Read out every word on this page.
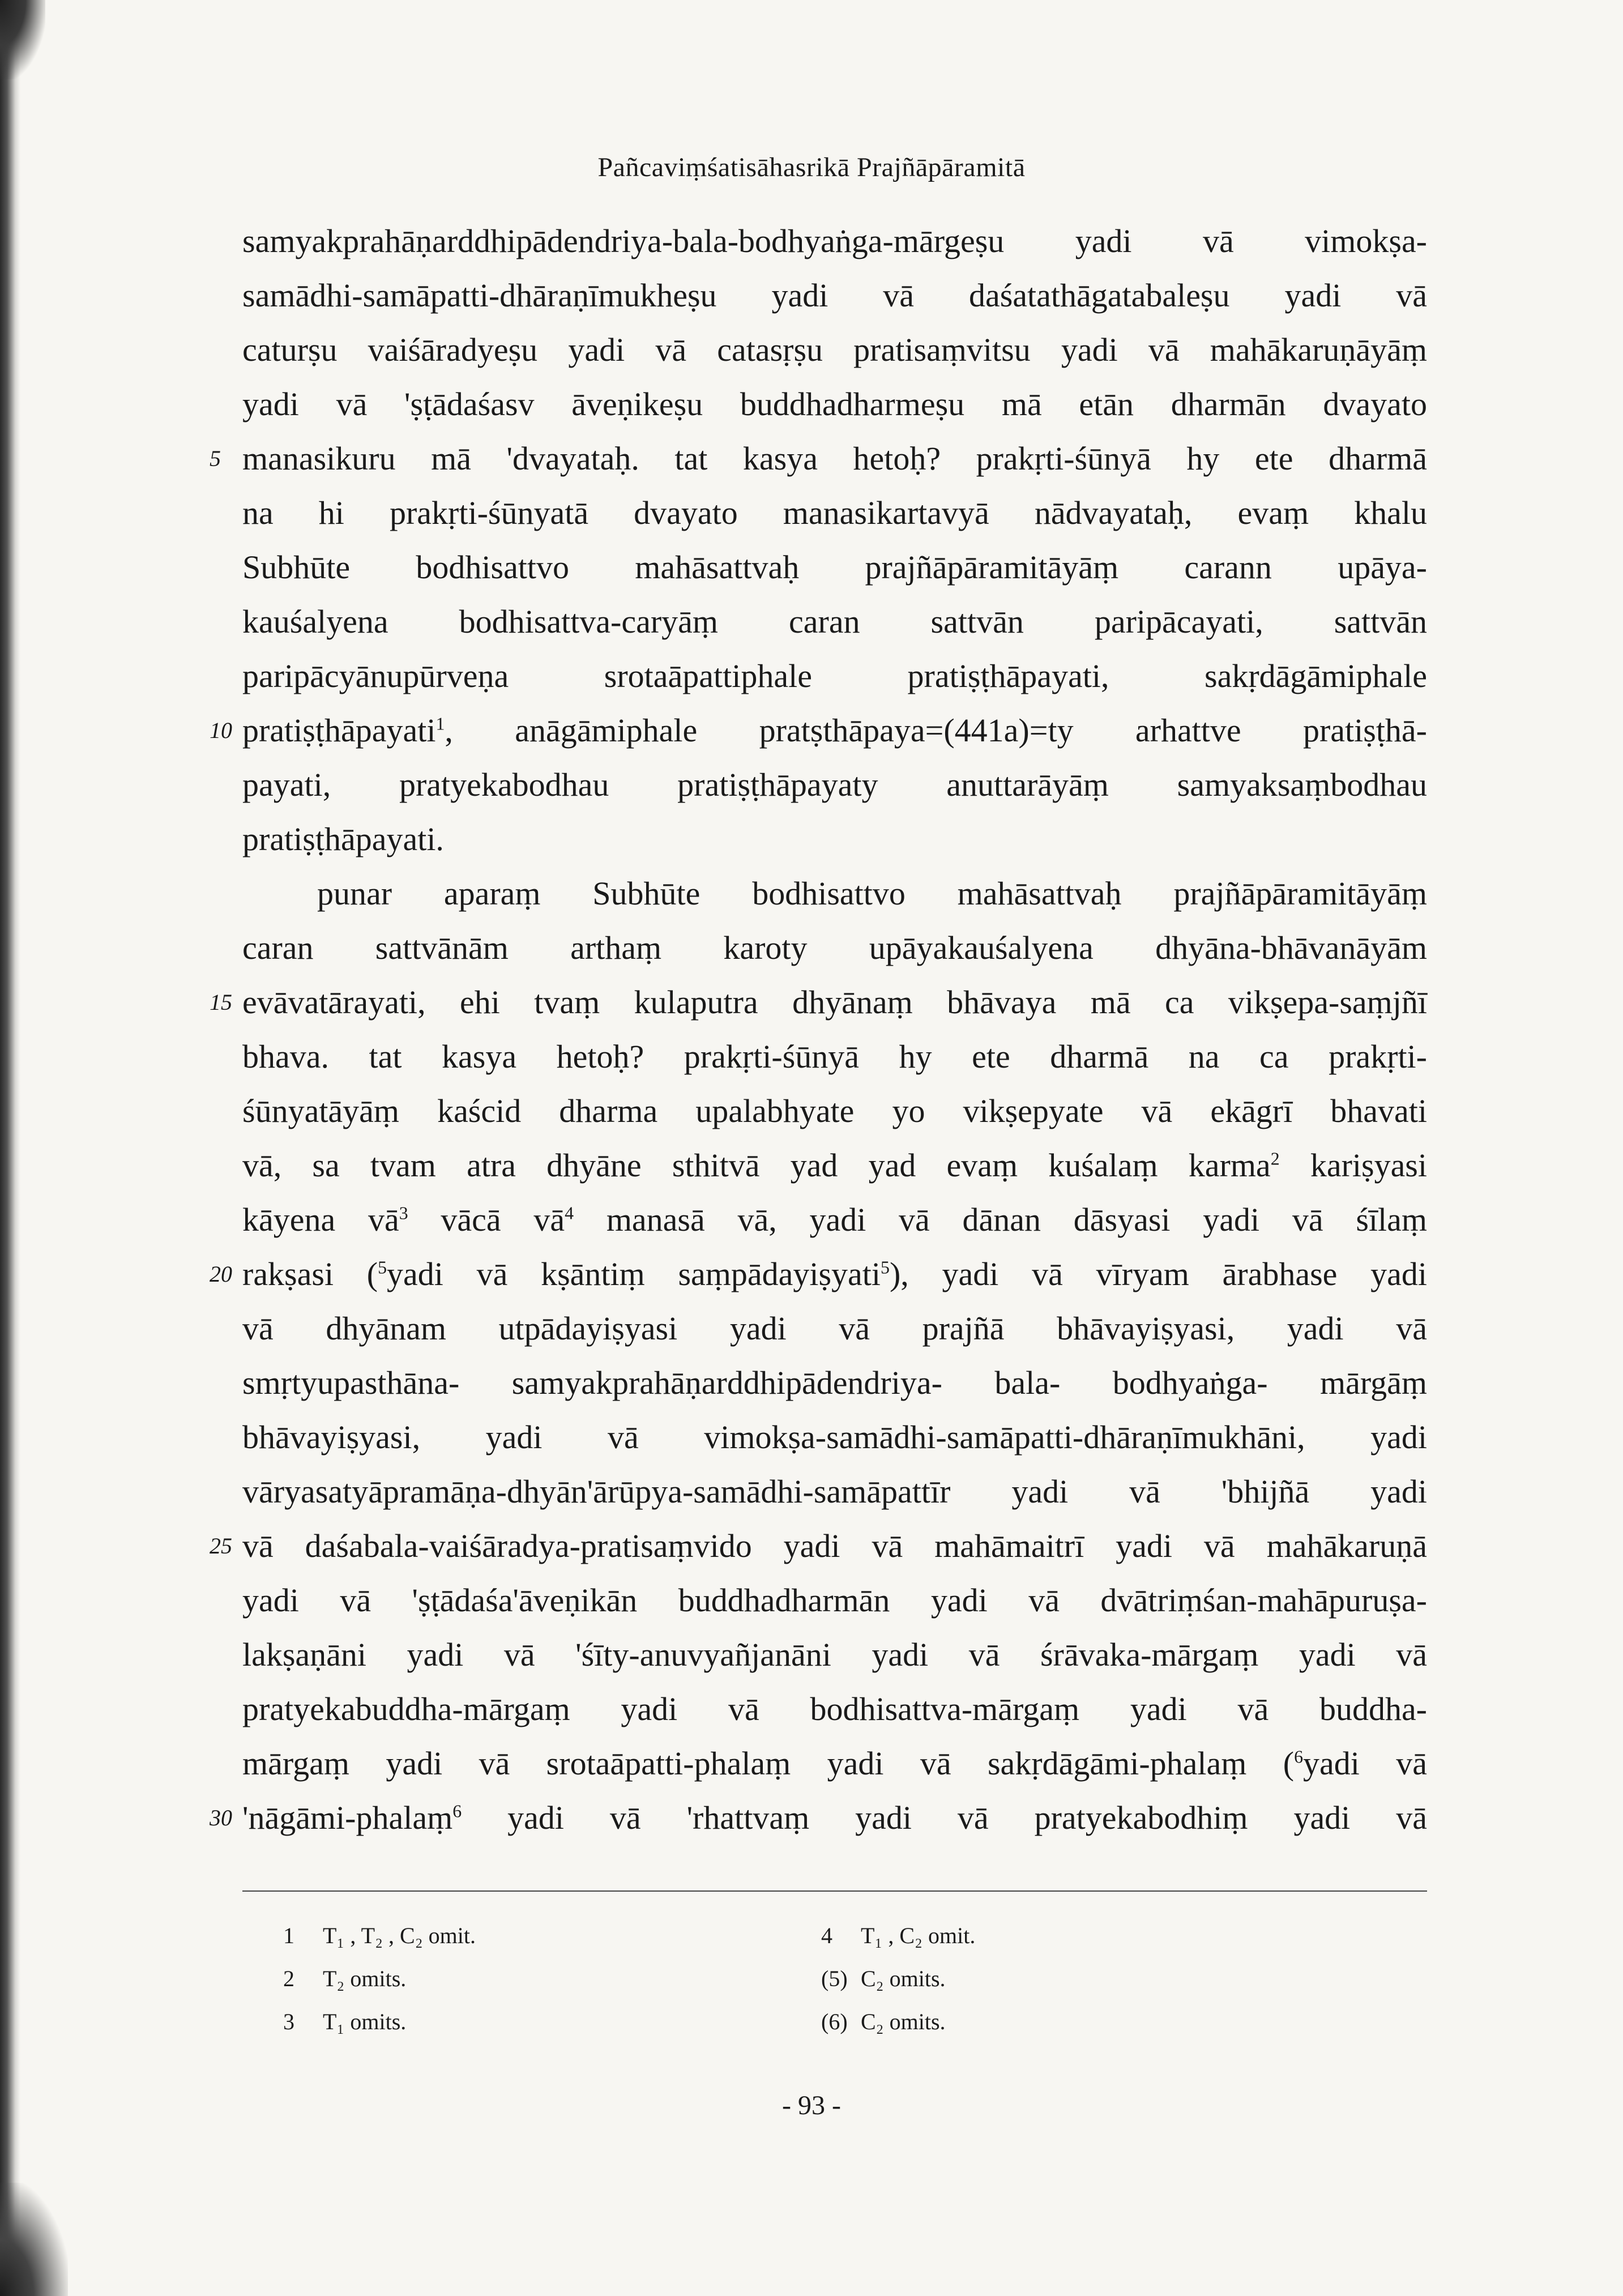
Pañcaviṃśatisāhasrikā Prajñāpāramitā
samyakprahāṇarddhipādendriya-bala-bodhyaṅga-mārgeṣu yadi vā vimokṣa-
samādhi-samāpatti-dhāraṇīmukheṣu yadi vā daśatathāgatabaleṣu yadi vā
caturṣu vaiśāradyeṣu yadi vā catasṛṣu pratisaṃvitsu yadi vā mahākaruṇāyāṃ
yadi vā 'ṣṭādaśasv āveṇikeṣu buddhadharmeṣu mā etān dharmān dvayato
5 manasikuru mā 'dvayataḥ. tat kasya hetoḥ? prakṛti-śūnyā hy ete dharmā
na hi prakṛti-śūnyatā dvayato manasikartavyā nādvayataḥ, evaṃ khalu
Subhūte bodhisattvo mahāsattvaḥ prajñāpāramitāyāṃ carann upāya-
kauśalyena bodhisattva-caryāṃ caran sattvān paripācayati, sattvān
paripācyānupūrveṇa srotaāpattiphale pratiṣṭhāpayati, sakṛdāgāmiphale
10 pratiṣṭhāpayati$^1$, anāgāmiphale pratṣthāpaya=(441a)=ty arhattve pratiṣṭhā-
payati, pratyekabodhau pratiṣṭhāpayaty anuttarāyāṃ samyaksaṃbodhau
pratiṣṭhāpayati.
punar aparaṃ Subhūte bodhisattvo mahāsattvaḥ prajñāpāramitāyāṃ
caran sattvānām arthaṃ karoty upāyakauśalyena dhyāna-bhāvanāyām
15 evāvatārayati, ehi tvaṃ kulaputra dhyānaṃ bhāvaya mā ca vikṣepa-saṃjñī
bhava. tat kasya hetoḥ? prakṛti-śūnyā hy ete dharmā na ca prakṛti-
śūnyatāyāṃ kaścid dharma upalabhyate yo vikṣepyate vā ekāgrī bhavati
vā, sa tvam atra dhyāne sthitvā yad yad evaṃ kuśalaṃ karma$^2$ kariṣyasi
kāyena $vā^3$ vācā $vā^4$ manasā vā, yadi vā dānan dāsyasi yadi vā śīlaṃ
20 rakṣasi ($^5$yadi vā kṣāntiṃ saṃpādayiṣyati$^5$), yadi vā vīryam ārabhase yadi
vā dhyānam utpādayiṣyasi yadi vā prajñā bhāvayiṣyasi, yadi vā
smṛtyupasthāna- samyakprahāṇarddhipādendriya- bala- bodhyaṅga- mārgāṃ
bhāvayiṣyasi, yadi vā vimokṣa-samādhi-samāpatti-dhāraṇīmukhāni, yadi
vāryasatyāpramāṇa-dhyān'ārūpya-samādhi-samāpattīr yadi vā 'bhijñā yadi
25 vā daśabala-vaiśāradya-pratisaṃvido yadi vā mahāmaitrī yadi vā mahākaruṇā
yadi vā 'ṣṭādaśa'āveṇikān buddhadharmān yadi vā dvātriṃśan-mahāpuruṣa-
lakṣaṇāni yadi vā 'śīty-anuvyañjanāni yadi vā śrāvaka-mārgaṃ yadi vā
pratyekabuddha-mārgaṃ yadi vā bodhisattva-mārgaṃ yadi vā buddha-
mārgaṃ yadi vā srotaāpatti-phalaṃ yadi vā sakṛdāgāmi-phalaṃ ($^6$yadi vā
30 'nāgāmi-phalaṃ$^6$ yadi vā 'rhattvaṃ yadi vā pratyekabodhiṃ yadi vā
1 T₁ , T₂ , C₂ omit.
2 T₂ omits.
3 T₁ omits.
4 T₁ , C₂ omit.
(5) C₂ omits.
(6) C₂ omits.
- 93 -
